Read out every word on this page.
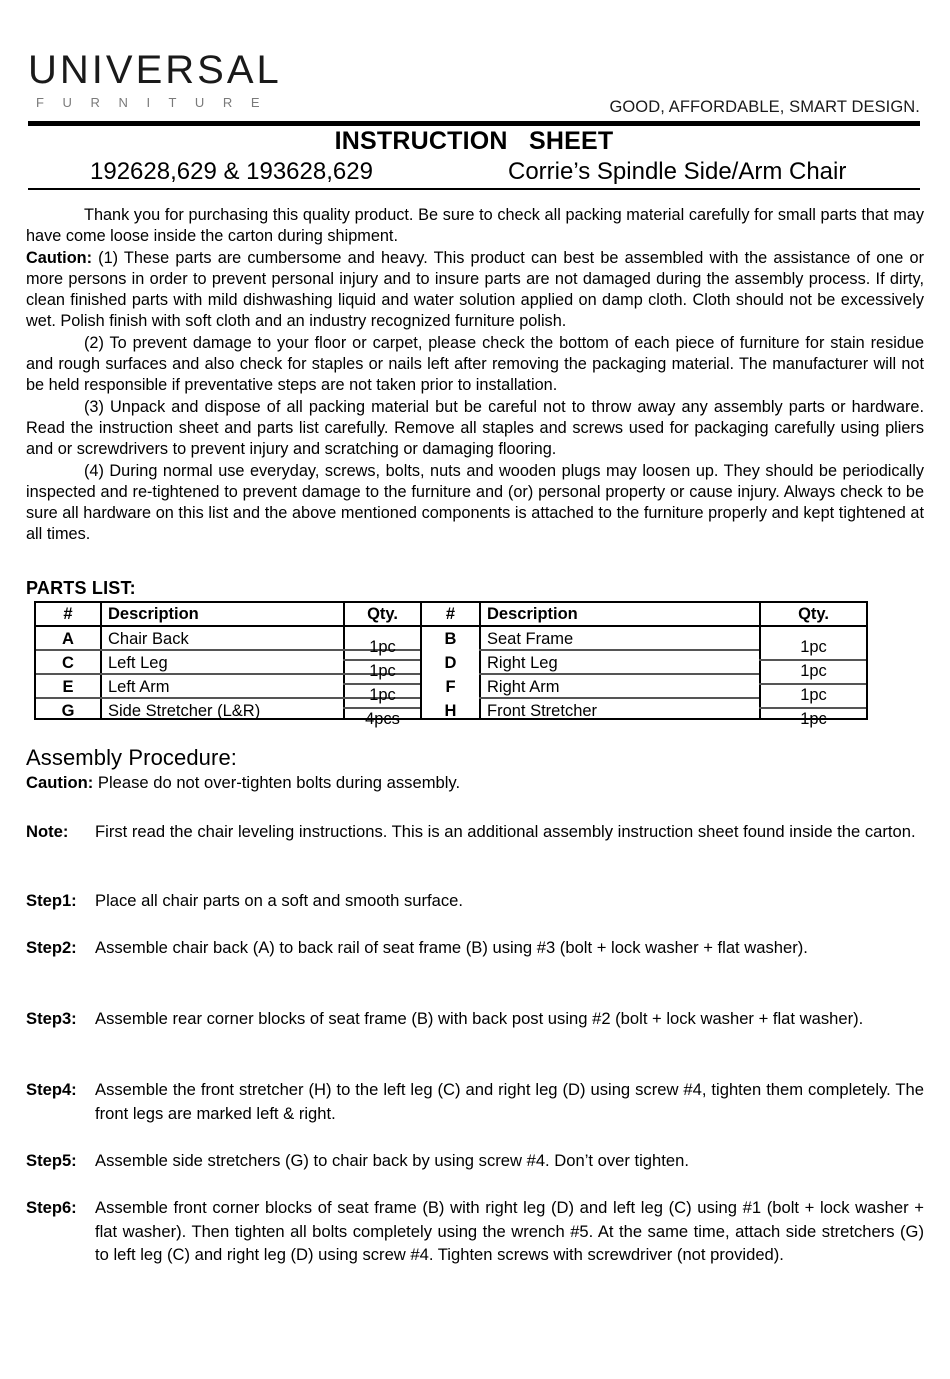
UNIVERSAL
F U R N I T U R E	GOOD, AFFORDABLE, SMART DESIGN.
INSTRUCTION   SHEET
192628,629 & 193628,629	Corrie’s Spindle Side/Arm Chair

Thank you for purchasing this quality product. Be sure to check all packing material carefully for small parts that may have come loose inside the carton during shipment.

Caution: (1) These parts are cumbersome and heavy. This product can best be assembled with the assistance of one or more persons in order to prevent personal injury and to insure parts are not damaged during the assembly process. If dirty, clean finished parts with mild dishwashing liquid and water solution applied on damp cloth. Cloth should not be excessively wet. Polish finish with soft cloth and an industry recognized furniture polish.

(2) To prevent damage to your floor or carpet, please check the bottom of each piece of furniture for stain residue and rough surfaces and also check for staples or nails left after removing the packaging material. The manufacturer will not be held responsible if preventative steps are not taken prior to installation.

(3) Unpack and dispose of all packing material but be careful not to throw away any assembly parts or hardware. Read the instruction sheet and parts list carefully. Remove all staples and screws used for packaging carefully using pliers and or screwdrivers to prevent injury and scratching or damaging flooring.

(4) During normal use everyday, screws, bolts, nuts and wooden plugs may loosen up. They should be periodically inspected and re-tightened to prevent damage to the furniture and (or) personal property or cause injury. Always check to be sure all hardware on this list and the above mentioned components is attached to the furniture properly and kept tightened at all times.

PARTS LIST:
#	Description	Qty.	#	Description	Qty.
A	Chair Back	1pc	B	Seat Frame	1pc
C	Left Leg	1pc	D	Right Leg	1pc
E	Left Arm	1pc	F	Right Arm	1pc
G	Side Stretcher (L&R)	4pcs	H	Front Stretcher	1pc
Assembly Procedure:
Caution: Please do not over-tighten bolts during assembly.
Note: First read the chair leveling instructions. This is an additional assembly instruction sheet found inside the carton.
Step1: Place all chair parts on a soft and smooth surface.
Step2: Assemble chair back (A) to back rail of seat frame (B) using #3 (bolt + lock washer + flat washer).
Step3: Assemble rear corner blocks of seat frame (B) with back post using #2 (bolt + lock washer + flat washer).
Step4: Assemble the front stretcher (H) to the left leg (C) and right leg (D) using screw #4, tighten them completely. The front legs are marked left & right.
Step5: Assemble side stretchers (G) to chair back by using screw #4. Don’t over tighten.
Step6: Assemble front corner blocks of seat frame (B) with right leg (D) and left leg (C) using #1 (bolt + lock washer + flat washer). Then tighten all bolts completely using the wrench #5. At the same time, attach side stretchers (G) to left leg (C) and right leg (D) using screw #4. Tighten screws with screwdriver (not provided).
